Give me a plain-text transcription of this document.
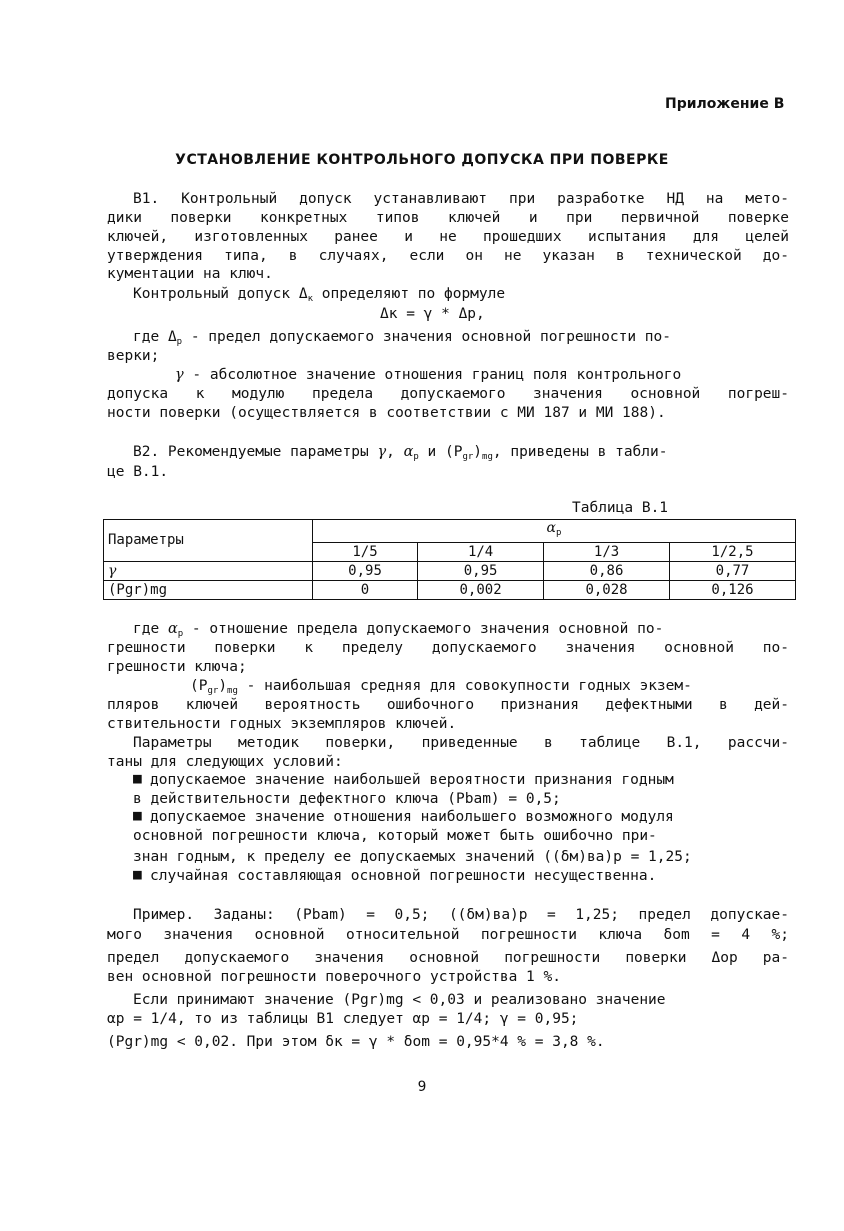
Приложение В
УСТАНОВЛЕНИЕ КОНТРОЛЬНОГО ДОПУСКА ПРИ ПОВЕРКЕ
В1. Контрольный допуск устанавливают при разработке НД на мето-
дики поверки конкретных типов ключей и при первичной поверке
ключей, изготовленных ранее и не прошедших испытания для целей
утверждения типа, в случаях, если он не указан в технической до-
кументации на ключ.
Контрольный допуск $\Delta_к$ определяют по формуле
Δк = γ * Δр,
где $\Delta_р$ - предел допускаемого значения основной погрешности по-
верки;
γ - абсолютное значение отношения границ поля контрольного
допуска к модулю предела допускаемого значения основной погреш-
ности поверки (осуществляется в соответствии с МИ 187 и МИ 188).
В2. Рекомендуемые параметры γ, $\alpha_р$ и $(P_{gr})_{mg}$, приведены в табли-
це В.1.
Таблица В.1
Параметры	$\alpha_р$
	1/5	1/4	1/3	1/2,5
γ	0,95	0,95	0,86	0,77
(Pgr)mg	0	0,002	0,028	0,126
где $\alpha_р$ - отношение предела допускаемого значения основной по-
грешности поверки к пределу допускаемого значения основной по-
грешности ключа;
$(P_{gr})_{mg}$ - наибольшая средняя для совокупности годных экзем-
пляров ключей вероятность ошибочного признания дефектными в дей-
ствительности годных экземпляров ключей.
Параметры методик поверки, приведенные в таблице В.1, рассчи-
таны для следующих условий:
■ допускаемое значение наибольшей вероятности признания годным
в действительности дефектного ключа (Pbam) = 0,5;
■ допускаемое значение отношения наибольшего возможного модуля
основной погрешности ключа, который может быть ошибочно при-
знан годным, к пределу ее допускаемых значений ((δм)ва)р = 1,25;
■ случайная составляющая основной погрешности несущественна.
Пример. Заданы: (Pbam) = 0,5; ((δм)ва)р = 1,25; предел допускае-
мого значения основной относительной погрешности ключа δom = 4 %;
предел допускаемого значения основной погрешности поверки Δор ра-
вен основной погрешности поверочного устройства 1 %.
Если принимают значение (Pgr)mg < 0,03 и реализовано значение
αр = 1/4, то из таблицы В1 следует αр = 1/4; γ = 0,95;
(Pgr)mg < 0,02. При этом δк = γ * δom = 0,95*4 % = 3,8 %.
9
